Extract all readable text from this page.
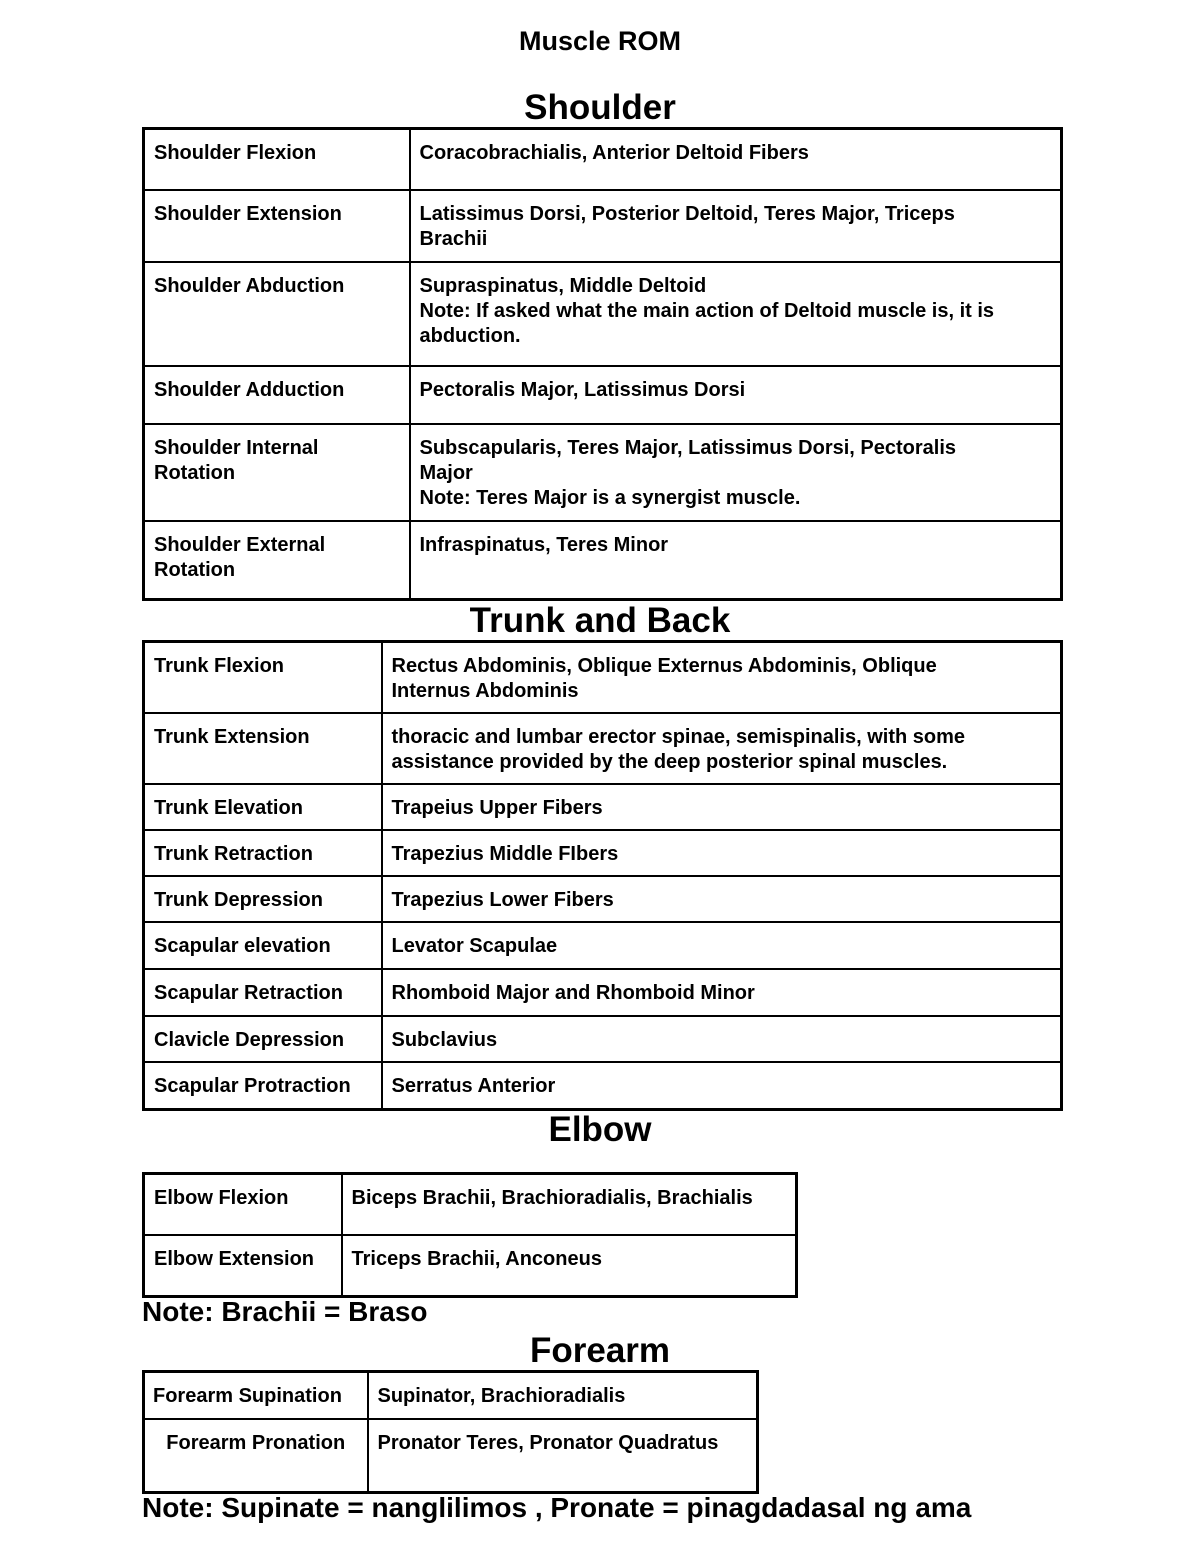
Muscle ROM
Shoulder
Shoulder Flexion	Coracobrachialis, Anterior Deltoid Fibers

Shoulder Extension	Latissimus Dorsi, Posterior Deltoid, Teres Major, Triceps
Brachii

Shoulder Abduction	Supraspinatus, Middle Deltoid
Note: If asked what the main action of Deltoid muscle is, it is
abduction.

Shoulder Adduction	Pectoralis Major, Latissimus Dorsi

Shoulder Internal
Rotation	Subscapularis, Teres Major, Latissimus Dorsi, Pectoralis
Major
Note: Teres Major is a synergist muscle.

Shoulder External
Rotation	Infraspinatus, Teres Minor
Trunk and Back
Trunk Flexion	Rectus Abdominis, Oblique Externus Abdominis, Oblique
Internus Abdominis

Trunk Extension	thoracic and lumbar erector spinae, semispinalis, with some
assistance provided by the deep posterior spinal muscles.

Trunk Elevation	Trapeius Upper Fibers

Trunk Retraction	Trapezius Middle FIbers

Trunk Depression	Trapezius Lower Fibers

Scapular elevation	Levator Scapulae

Scapular Retraction	Rhomboid Major and Rhomboid Minor

Clavicle Depression	Subclavius

Scapular Protraction	Serratus Anterior
Elbow
Elbow Flexion	Biceps Brachii, Brachioradialis, Brachialis

Elbow Extension	Triceps Brachii, Anconeus
Note: Brachii = Braso
Forearm
Forearm Supination	Supinator, Brachioradialis

Forearm Pronation	Pronator Teres, Pronator Quadratus
Note: Supinate = nanglilimos , Pronate = pinagdadasal ng ama
